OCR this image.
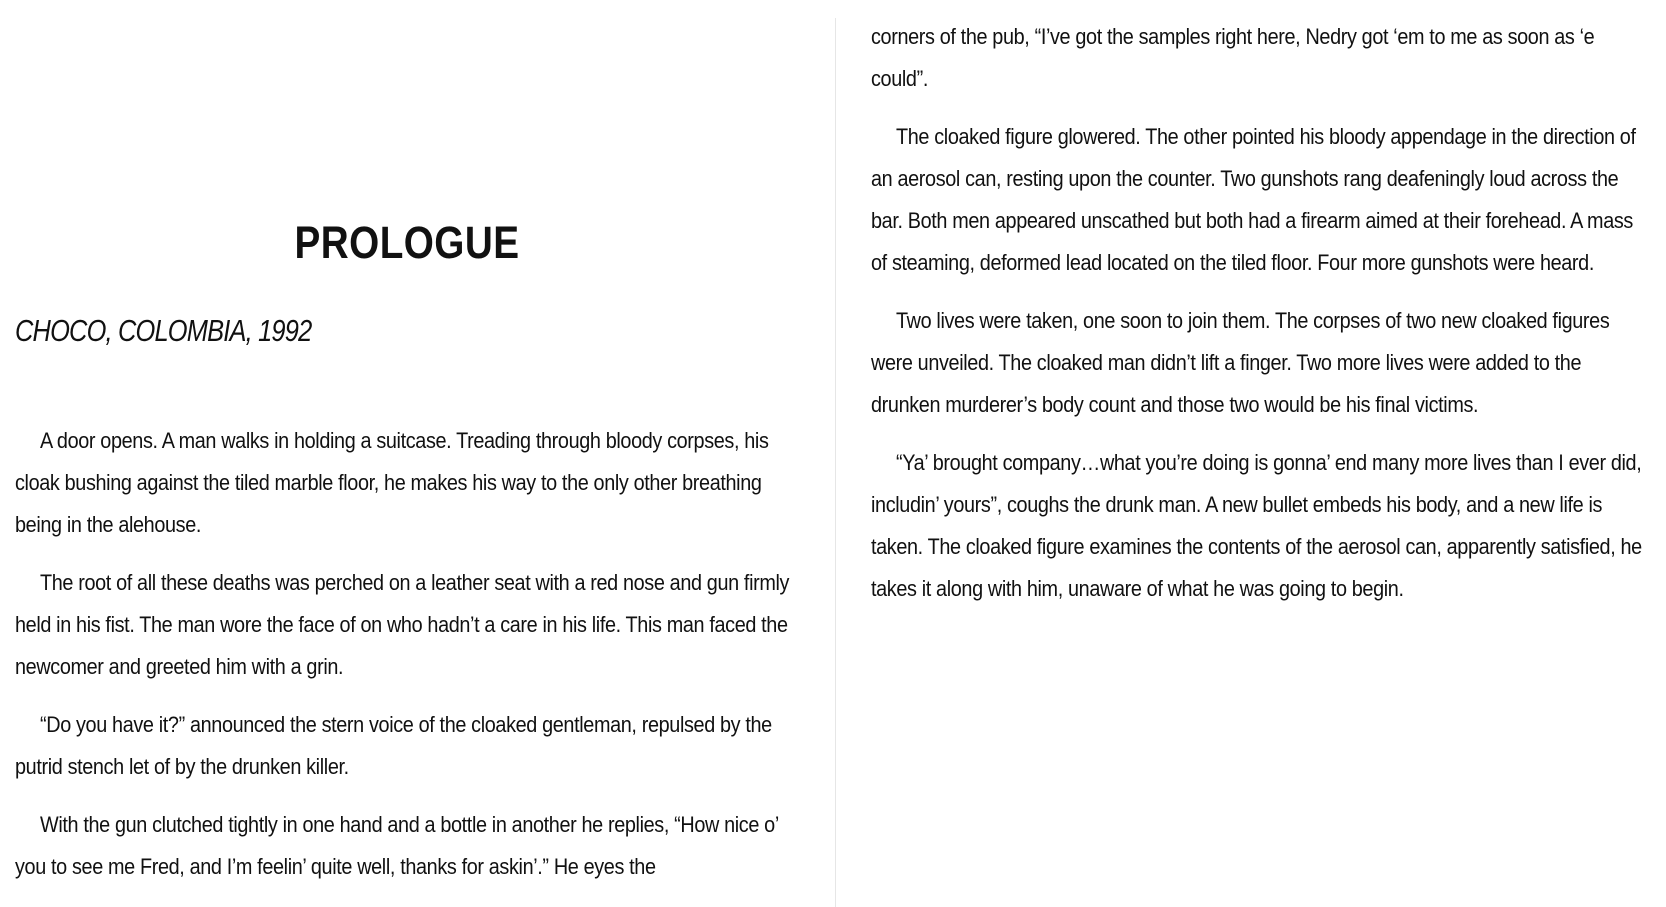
PROLOGUE
CHOCO, COLOMBIA, 1992

A door opens. A man walks in holding a suitcase. Treading through bloody corpses, his cloak bushing against the tiled marble floor, he makes his way to the only other breathing being in the alehouse.

The root of all these deaths was perched on a leather seat with a red nose and gun firmly held in his fist. The man wore the face of on who hadn’t a care in his life. This man faced the newcomer and greeted him with a grin.

“Do you have it?” announced the stern voice of the cloaked gentleman, repulsed by the putrid stench let of by the drunken killer.

With the gun clutched tightly in one hand and a bottle in another he replies, “How nice o’ you to see me Fred, and I’m feelin’ quite well, thanks for askin’.” He eyes the

corners of the pub, “I’ve got the samples right here, Nedry got ‘em to me as soon as ‘e could”.

The cloaked figure glowered. The other pointed his bloody appendage in the direction of an aerosol can, resting upon the counter. Two gunshots rang deafeningly loud across the bar. Both men appeared unscathed but both had a firearm aimed at their forehead. A mass of steaming, deformed lead located on the tiled floor. Four more gunshots were heard.

Two lives were taken, one soon to join them. The corpses of two new cloaked figures were unveiled. The cloaked man didn’t lift a finger. Two more lives were added to the drunken murderer’s body count and those two would be his final victims.

“Ya’ brought company…what you’re doing is gonna’ end many more lives than I ever did, includin’ yours”, coughs the drunk man. A new bullet embeds his body, and a new life is taken. The cloaked figure examines the contents of the aerosol can, apparently satisfied, he takes it along with him, unaware of what he was going to begin.
